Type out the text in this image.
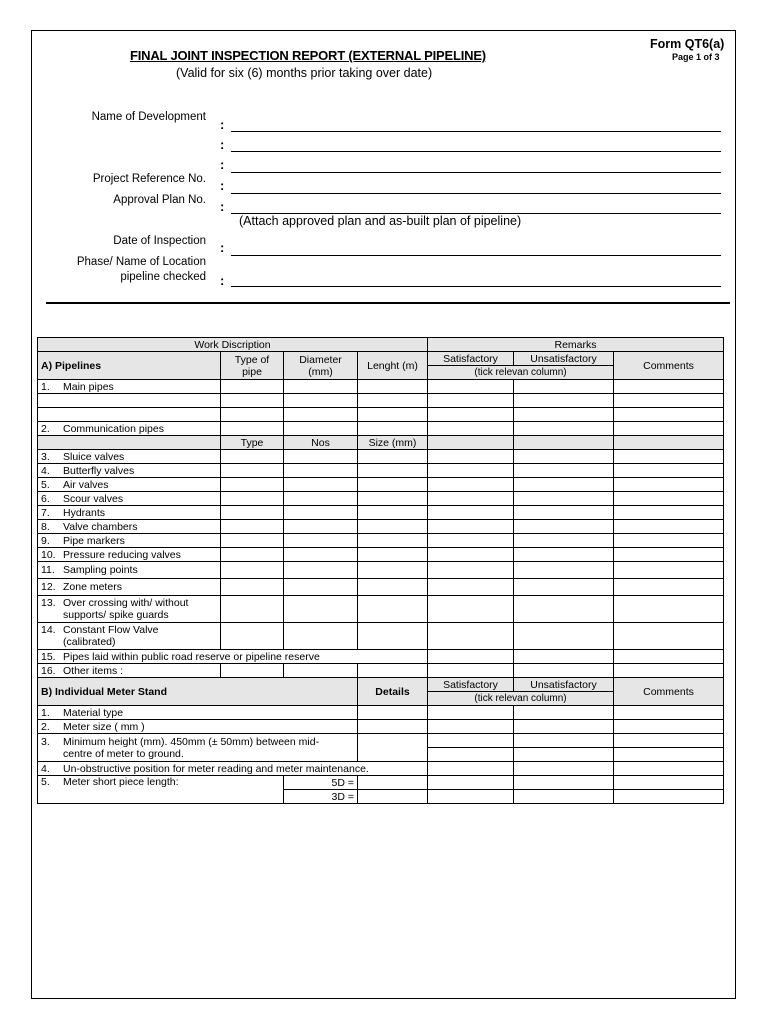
Form QT6(a)
Page 1 of 3
FINAL JOINT INSPECTION REPORT (EXTERNAL PIPELINE)
(Valid for six (6) months prior taking over date)
Name of Development :
:
:
Project Reference No. :
Approval Plan No. :
(Attach approved plan and as-built plan of pipeline)
Date of Inspection :
Phase/ Name of Location
pipeline checked :
Work Discription				Remarks		
A) Pipelines	Type of pipe	Diameter (mm)	Lenght (m)	Satisfactory	Unsatisfactory	Comments
				(tick relevan column)		
1. Main pipes						

2. Communication pipes						
	Type	Nos	Size (mm)			
3. Sluice valves						
4. Butterfly valves						
5. Air valves						
6. Scour valves						
7. Hydrants						
8. Valve chambers						
9. Pipe markers						
10. Pressure reducing valves						
11. Sampling points						
12. Zone meters						
13. Over crossing with/ without
supports/ spike guards						
14. Constant Flow Valve
(calibrated)						
15. Pipes laid within public road reserve or pipeline reserve						
16. Other items :						
B) Individual Meter Stand			Details	Satisfactory	Unsatisfactory	Comments
				(tick relevan column)		
1. Material type						
2. Meter size ( mm )						
3. Minimum height (mm). 450mm (± 50mm) between mid-
centre of meter to ground.						

4. Un-obstructive position for meter reading and meter maintenance.						
5. Meter short piece length:		5D =				
		3D =				
